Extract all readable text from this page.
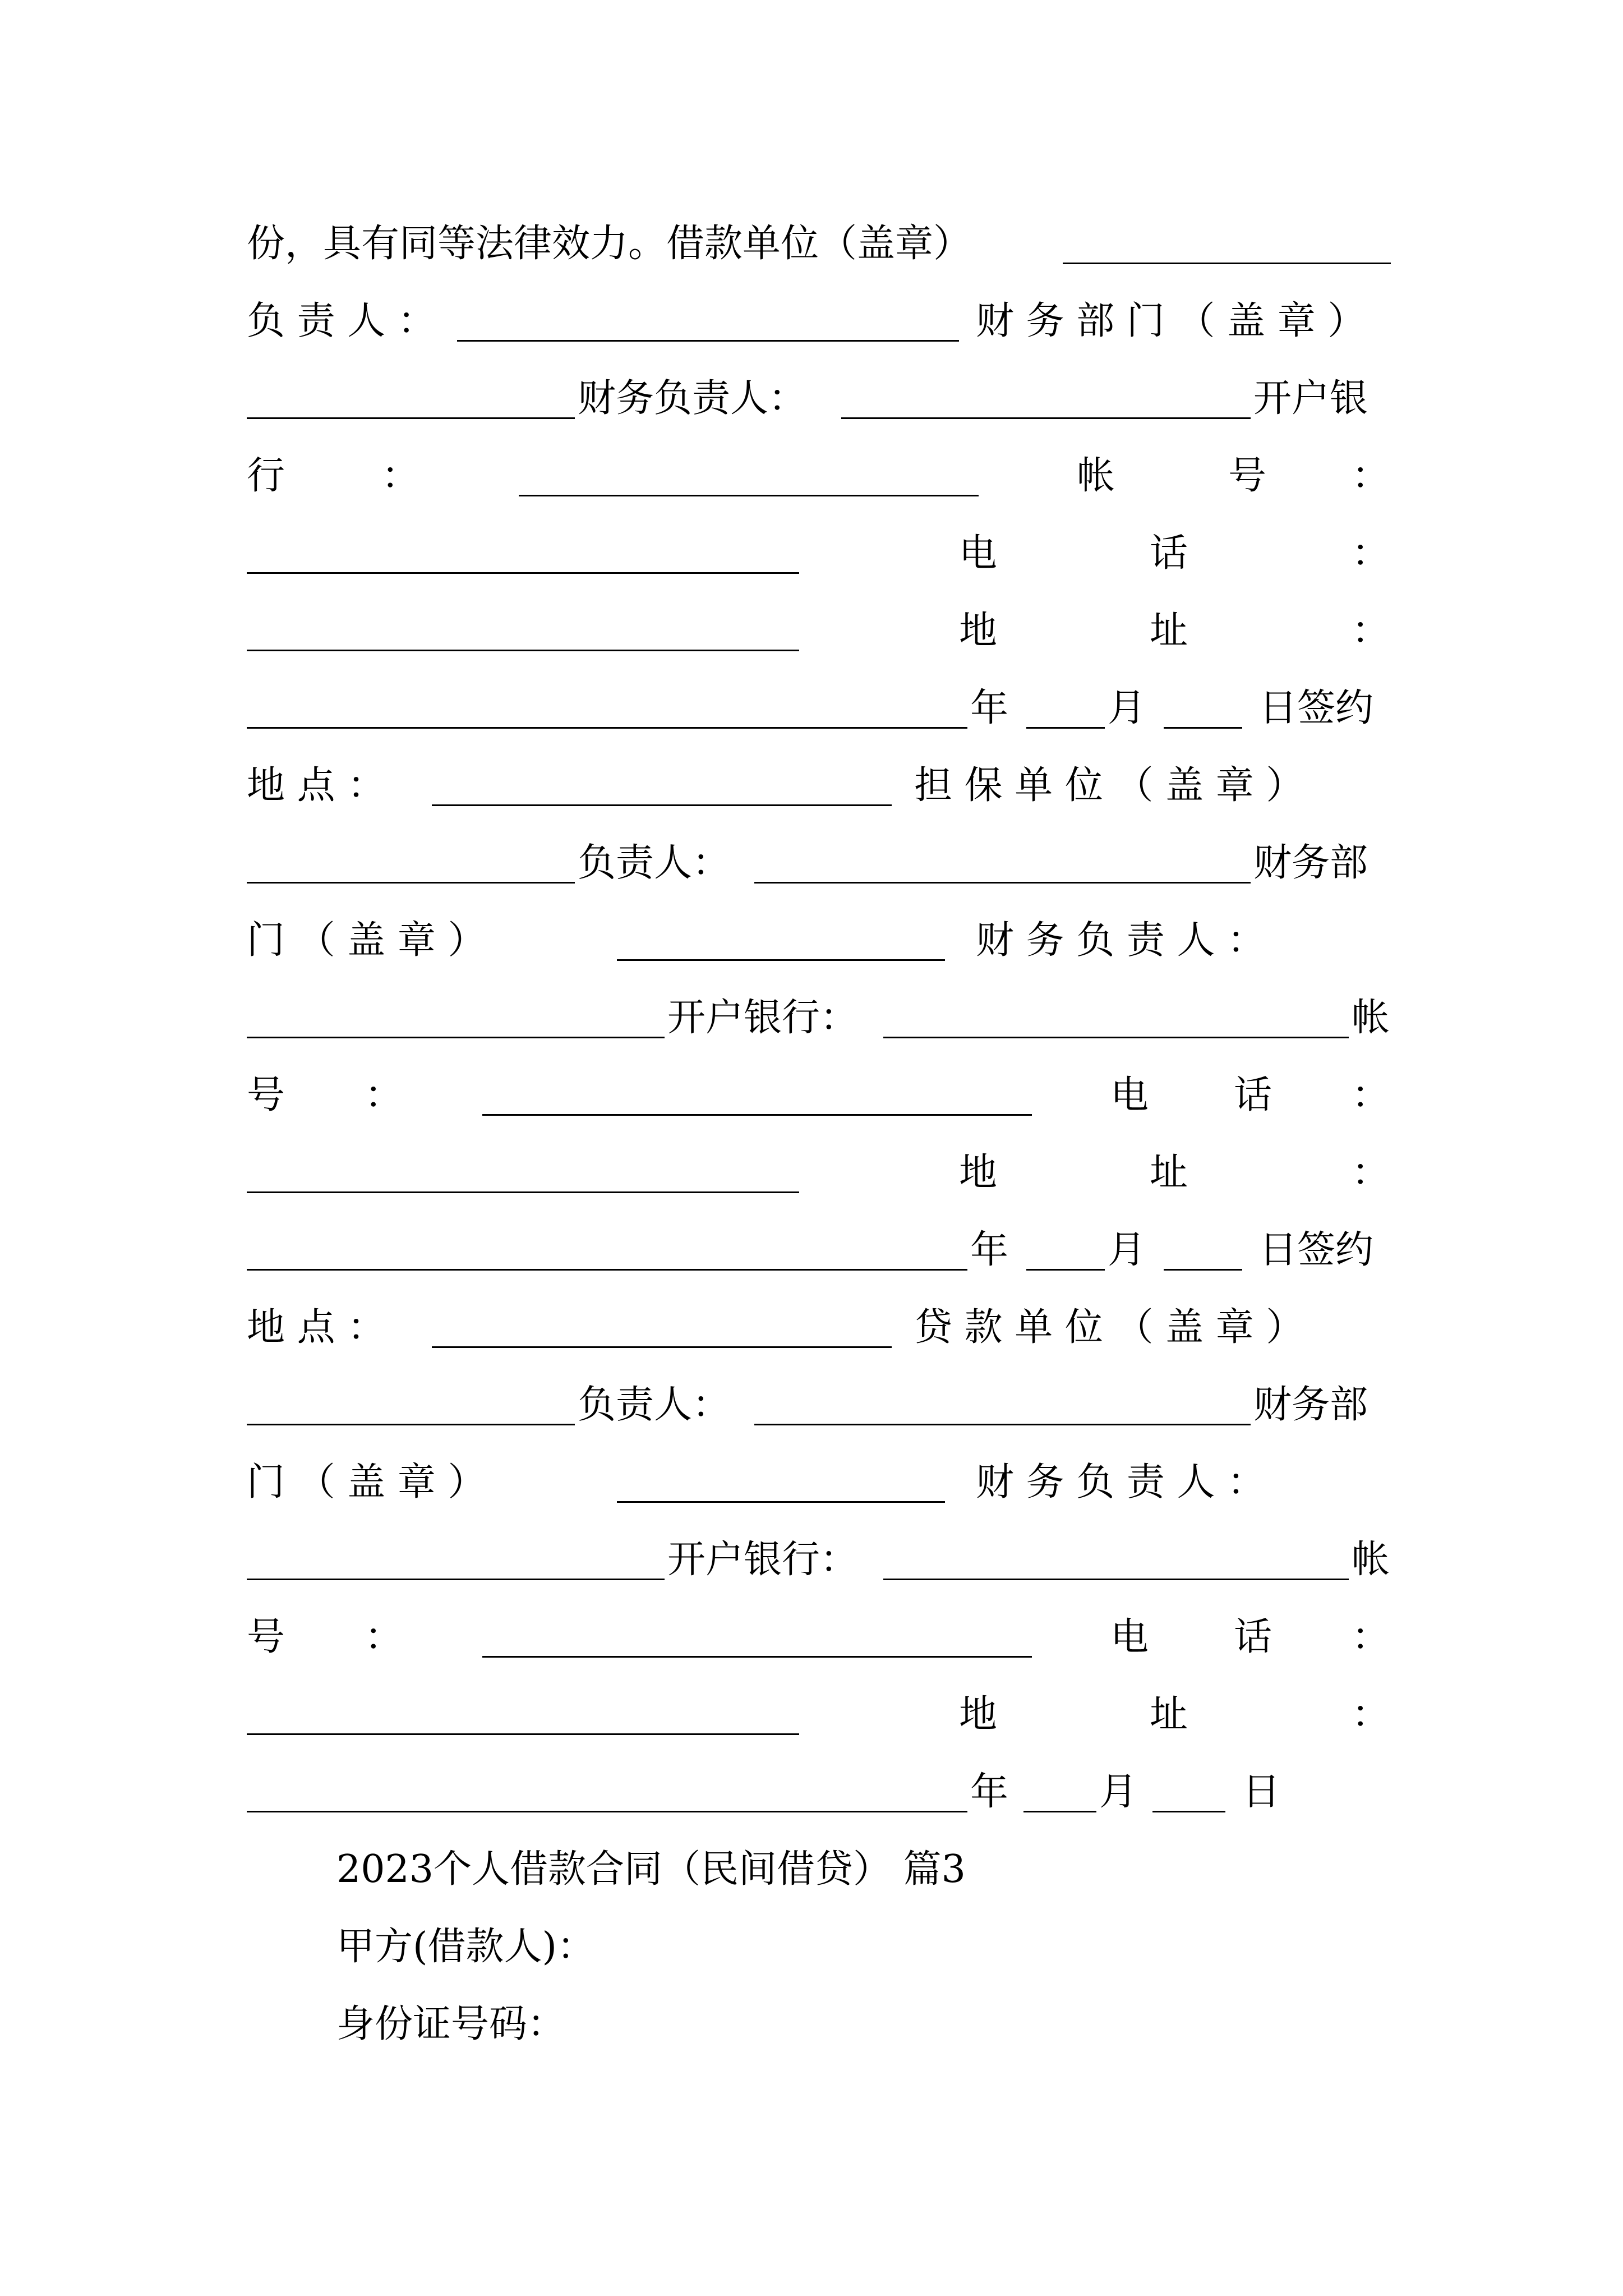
份，具有同等法律效力。借款单位（盖章）
负 责 人 ：	财 务 部 门 （ 盖 章 ）
财务负责人：	开户银
行	：	帐	号 ：
电	话	：
地	址	：
年	月	日签约
地 点 ：	担 保 单 位 （ 盖 章 ）
负责人：	财务部
门 （ 盖 章 ）	财 务 负 责 人 ：
开户银行：	帐
号 ：	电 话 ：
地	址	：
年	月	日签约
地 点 ：	贷 款 单 位 （ 盖 章 ）
负责人：	财务部
门 （ 盖 章 ）	财 务 负 责 人 ：
开户银行：	帐
号 ：	电 话 ：
地	址	：
年 月	日
2023个人借款合同（民间借贷） 篇3
甲方(借款人)：
身份证号码：
